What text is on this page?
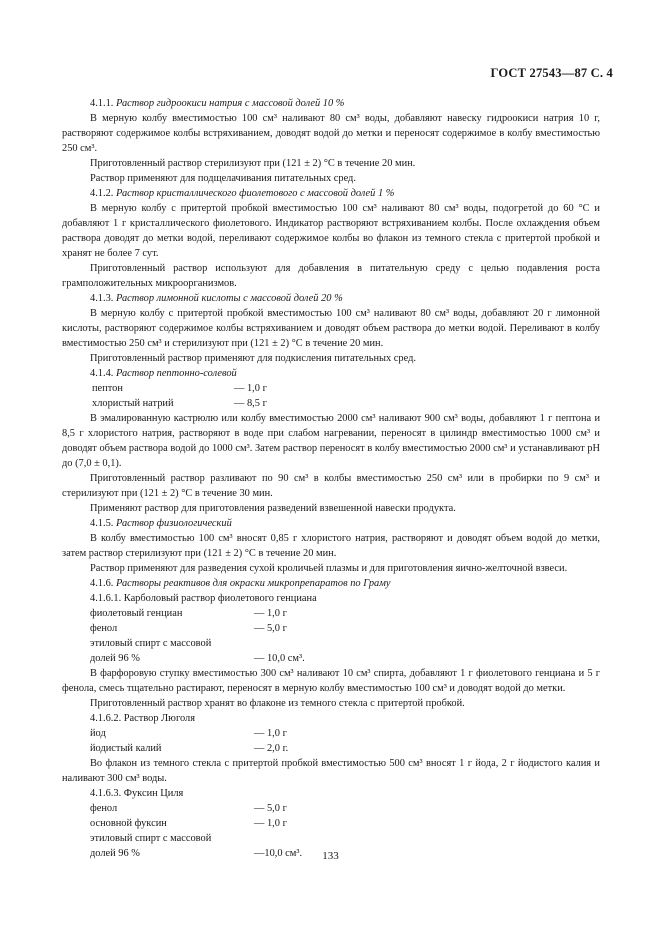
ГОСТ 27543—87 С. 4

4.1.1. Раствор гидроокиси натрия с массовой долей 10 %

В мерную колбу вместимостью 100 см³ наливают 80 см³ воды, добавляют навеску гидроокиси натрия 10 г, растворяют содержимое колбы встряхиванием, доводят водой до метки и переносят содержимое в колбу вместимостью 250 см³.

Приготовленный раствор стерилизуют при (121 ± 2) °С в течение 20 мин.

Раствор применяют для подщелачивания питательных сред.

4.1.2. Раствор кристаллического фиолетового с массовой долей 1 %

В мерную колбу с притертой пробкой вместимостью 100 см³ наливают 80 см³ воды, подогретой до 60 °С и добавляют 1 г кристаллического фиолетового. Индикатор растворяют встряхиванием колбы. После охлаждения объем раствора доводят до метки водой, переливают содержимое колбы во флакон из темного стекла с притертой пробкой и хранят не более 7 сут.

Приготовленный раствор используют для добавления в питательную среду с целью подавления роста грамположительных микроорганизмов.

4.1.3. Раствор лимонной кислоты с массовой долей 20 %

В мерную колбу с притертой пробкой вместимостью 100 см³ наливают 80 см³ воды, добавляют 20 г лимонной кислоты, растворяют содержимое колбы встряхиванием и доводят объем раствора до метки водой. Переливают в колбу вместимостью 250 см³ и стерилизуют при (121 ± 2) °С в течение 20 мин.

Приготовленный раствор применяют для подкисления питательных сред.

4.1.4. Раствор пептонно-солевой

пептон	— 1,0 г
хлористый натрий	— 8,5 г

В эмалированную кастрюлю или колбу вместимостью 2000 см³ наливают 900 см³ воды, добавляют 1 г пептона и 8,5 г хлористого натрия, растворяют в воде при слабом нагревании, переносят в цилиндр вместимостью 1000 см³ и доводят объем раствора водой до 1000 см³. Затем раствор переносят в колбу вместимостью 2000 см³ и устанавливают рН до (7,0 ± 0,1).

Приготовленный раствор разливают по 90 см³ в колбы вместимостью 250 см³ или в пробирки по 9 см³ и стерилизуют при (121 ± 2) °С в течение 30 мин.

Применяют раствор для приготовления разведений взвешенной навески продукта.

4.1.5. Раствор физиологический

В колбу вместимостью 100 см³ вносят 0,85 г хлористого натрия, растворяют и доводят объем водой до метки, затем раствор стерилизуют при (121 ± 2) °С в течение 20 мин.

Раствор применяют для разведения сухой кроличьей плазмы и для приготовления яично-желточной взвеси.

4.1.6. Растворы реактивов для окраски микропрепаратов по Граму

4.1.6.1. Карболовый раствор фиолетового генциана

фиолетовый генциан	— 1,0 г
фенол	— 5,0 г
этиловый спирт с массовой
долей 96 %	— 10,0 см³.

В фарфоровую ступку вместимостью 300 см³ наливают 10 см³ спирта, добавляют 1 г фиолетового генциана и 5 г фенола, смесь тщательно растирают, переносят в мерную колбу вместимостью 100 см³ и доводят водой до метки.

Приготовленный раствор хранят во флаконе из темного стекла с притертой пробкой.

4.1.6.2. Раствор Люголя

йод	— 1,0 г
йодистый калий	— 2,0 г.

Во флакон из темного стекла с притертой пробкой вместимостью 500 см³ вносят 1 г йода, 2 г йодистого калия и наливают 300 см³ воды.

4.1.6.3. Фуксин Циля

фенол	— 5,0 г
основной фуксин	— 1,0 г
этиловый спирт с массовой
долей 96 %	—10,0 см³.	133
